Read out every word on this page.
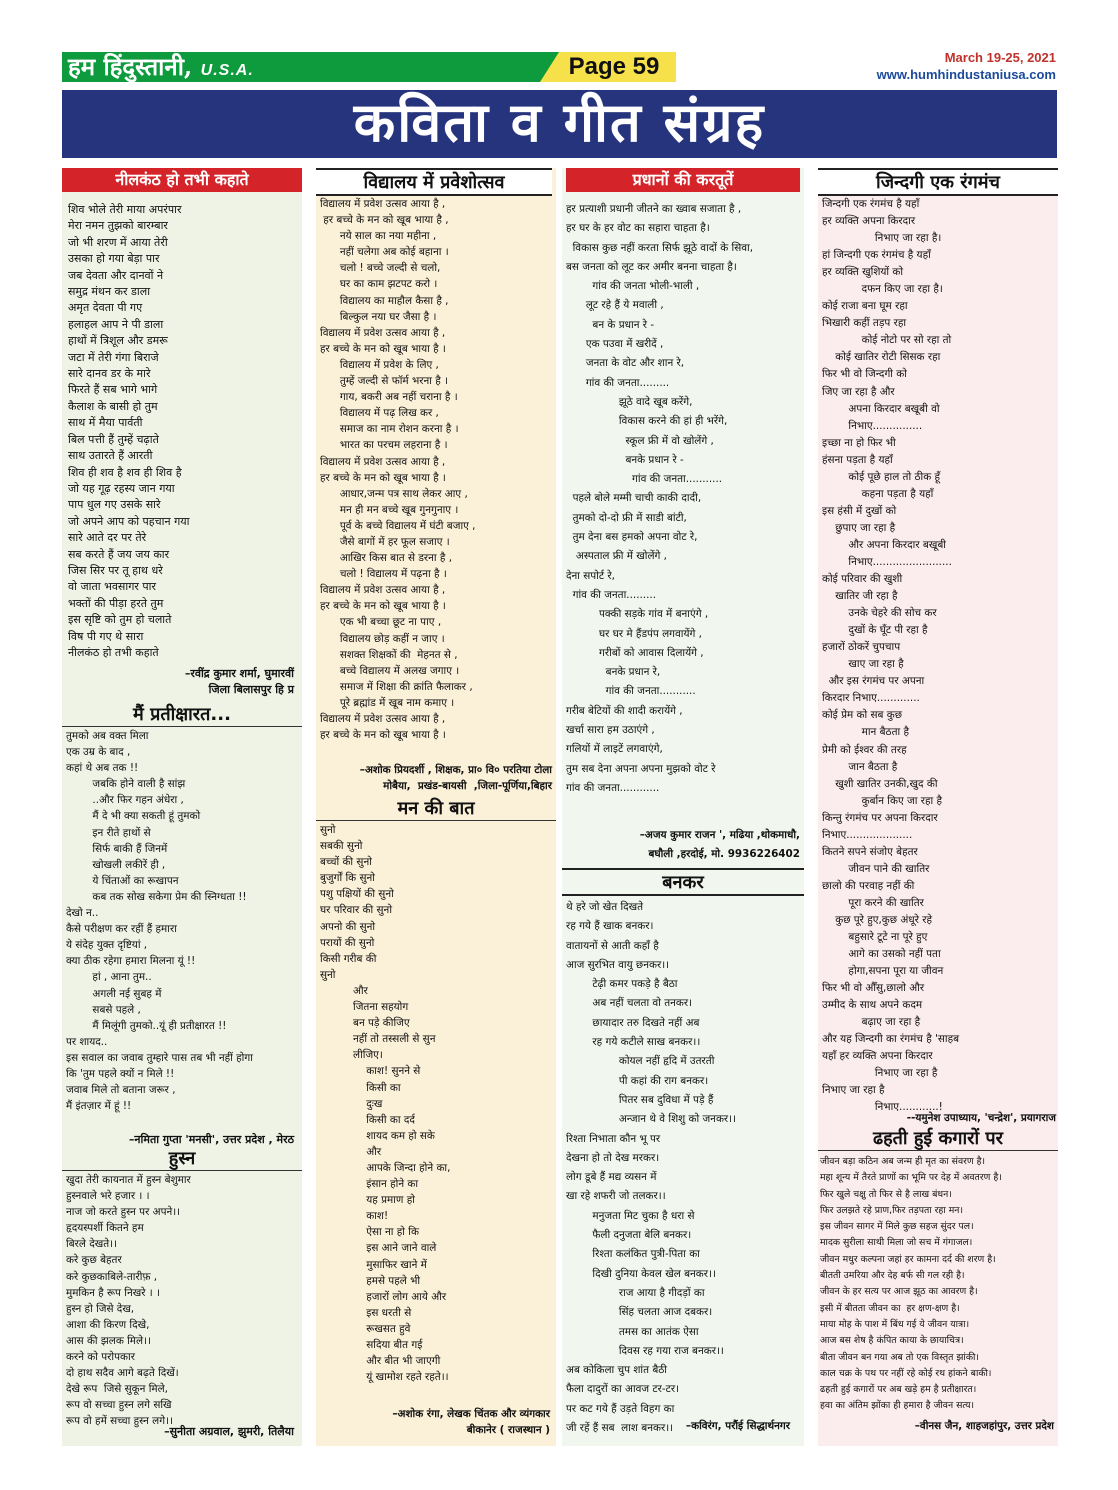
हम हिंदुस्तानी, U.S.A.	Page 59	March 19-25, 2021
www.humhindustaniusa.com
कविता व गीत संग्रह
नीलकंठ हो तभी कहाते
शिव भोले तेरी माया अपरंपार
मेरा नमन तुझको बारम्बार
जो भी शरण में आया तेरी
उसका हो गया बेड़ा पार
जब देवता और दानवों ने
समुद्र मंथन कर डाला
अमृत देवता पी गए
हलाहल आप ने पी डाला
हाथों में त्रिशूल और डमरू
जटा में तेरी गंगा बिराजे
सारे दानव डर के मारे
फिरते हैं सब भागे भागे
कैलाश के बासी हो तुम
साथ में मैया पार्वती
बिल पत्ती हैं तुम्हें चढ़ाते
साथ उतारते हैं आरती
शिव ही शव है शव ही शिव है
जो यह गूढ़ रहस्य जान गया
पाप धुल गए उसके सारे
जो अपने आप को पहचान गया
सारे आते दर पर तेरे
सब करते हैं जय जय कार
जिस सिर पर तू हाथ धरे
वो जाता भवसागर पार
भक्तों की पीड़ा हरते तुम
इस सृष्टि को तुम हो चलाते
विष पी गए थे सारा
नीलकंठ हो तभी कहाते
–रवींद्र कुमार शर्मा, घुमारवीं
जिला बिलासपुर हि प्र
मैं प्रतीक्षारत...
तुमको अब वक्त मिला
एक उम्र के बाद ,
कहां थे अब तक !!
जबकि होने वाली है सांझ
..और फिर गहन अंधेरा ,
मैं दे भी क्या सकती हूं तुमको
इन रीते हाथों से
सिर्फ बाकी हैं जिनमें
खोखली लकीरें ही ,
ये चिंताओं का रूखापन
कब तक सोख सकेगा प्रेम की स्निग्धता !!
देखो न..
कैसे परीक्षण कर रहीं हैं हमारा
ये संदेह युक्त दृष्टियां ,
क्या ठीक रहेगा हमारा मिलना यूं !!
हां , आना तुम..
अगली नई सुबह में
सबसे पहले ,
मैं मिलूंगी तुमको..यूं ही प्रतीक्षारत !!
पर शायद..
इस सवाल का जवाब तुम्हारे पास तब भी नहीं होगा
कि 'तुम पहले क्यों न मिले !!
जवाब मिले तो बताना जरूर ,
मैं इंतज़ार में हूं !!
–नमिता गुप्ता 'मनसी', उत्तर प्रदेश , मेरठ
हुस्न
खुदा तेरी कायनात में हुस्न बेशुमार
हुस्नवाले भरे हजार । ।
नाज जो करते हुस्न पर अपने।।
हृदयस्पर्शी कितने हम
बिरले देखते।।
करे कुछ बेहतर
करे कुछकाबिले-तारीफ़ ,
मुमकिन है रूप निखरे । ।
हुस्न हो जिसे देख,
आशा की किरण दिखे,
आस की झलक मिले।।
करने को परोपकार
दो हाथ सदैव आगे बढ़ते दिखें।
देखे रूप  जिसे सुकून मिले,
रूप वो सच्चा हुस्न लगे सखि
रूप वो हमें सच्चा हुस्न लगे।।
–सुनीता अग्रवाल, झुमरी, तिलैया
विद्यालय में प्रवेशोत्सव
विद्यालय में प्रवेश उत्सव आया है ,
हर बच्चे के मन को खूब भाया है ,
नये साल का नया महीना ,
नहीं चलेगा अब कोई बहाना ।
चलो ! बच्चे जल्दी से चलो,
घर का काम झटपट करो ।
विद्यालय का माहौल कैसा है ,
बिल्कुल नया घर जैसा है ।
विद्यालय में प्रवेश उत्सव आया है ,
हर बच्चे के मन को खूब भाया है ।
विद्यालय में प्रवेश के लिए ,
तुम्हें जल्दी से फॉर्म भरना है ।
गाय, बकरी अब नहीं चराना है ।
विद्यालय में पढ़ लिख कर ,
समाज का नाम रोशन करना है ।
भारत का परचम लहराना है ।
विद्यालय में प्रवेश उत्सव आया है ,
हर बच्चे के मन को खूब भाया है ।
आधार,जन्म पत्र साथ लेकर आए ,
मन ही मन बच्चे खूब गुनगुनाए ।
पूर्व के बच्चे विद्यालय में घंटी बजाए ,
जैसे बागों में हर फूल सजाए ।
आखिर किस बात से डरना है ,
चलो ! विद्यालय में पढ़ना है ।
विद्यालय में प्रवेश उत्सव आया है ,
हर बच्चे के मन को खूब भाया है ।
एक भी बच्चा छूट ना पाए ,
विद्यालय छोड़ कहीं न जाए ।
सशक्त शिक्षकों की  मेहनत से ,
बच्चे विद्यालय में अलख जगाए ।
समाज में शिक्षा की क्रांति फैलाकर ,
पूरे ब्रह्मांड में खूब नाम कमाए ।
विद्यालय में प्रवेश उत्सव आया है ,
हर बच्चे के मन को खूब भाया है ।
–अशोक प्रियदर्शी , शिक्षक, प्रा० वि० परतिया टोला
मोबैया,  प्रखंड-बायसी  ,जिला-पूर्णिया,बिहार
मन की बात
सुनो
सबकी सुनो
बच्चों की सुनो
बुजुर्गों कि सुनो
पशु पक्षियों की सुनो
घर परिवार की सुनो
अपनो की सुनो
परायों की सुनो
किसी गरीब की
सुनो
और
जितना सहयोग
बन पड़े कीजिए
नहीं तो तस्सली से सुन
लीजिए।
काश! सुनने से
किसी का
दुःख
किसी का दर्द
शायद कम हो सके
और
आपके जिन्दा होने का,
इंसान होने का
यह प्रमाण हो
काश!
ऐसा ना हो कि
इस आने जाने वाले
मुसाफिर खाने में
हमसे पहले भी
हजारों लोग आये और
इस धरती से
रूखसत हुवे
सदिया बीत गई
और बीत भी जाएगी
यूं खामोश रहते रहते।।
–अशोक रंगा, लेखक चिंतक और व्यंगकार
बीकानेर ( राजस्थान )
प्रधानों की करतूतें
हर प्रत्याशी प्रधानी जीतने का ख्वाब सजाता है ,
हर घर के हर वोट का सहारा चाहता है।
विकास कुछ नहीं करता सिर्फ झूठे वादों के सिवा,
बस जनता को लूट कर अमीर बनना चाहता है।
गांव की जनता भोली-भाली ,
लूट रहे हैं ये मवाली ,
बन के प्रधान रे -
एक पउवा में खरीदें ,
जनता के वोट और शान रे,
गांव की जनता.........
झूठे वादे खूब करेंगे,
विकास करने की हां ही भरेंगे,
स्कूल फ्री में वो खोलेंगे ,
बनके प्रधान रे -
गांव की जनता...........
पहले बोले मम्मी चाची काकी दादी,
तुमको दो-दो फ्री में साडी बांटी,
तुम देना बस हमको अपना वोट रे,
अस्पताल फ्री में खोलेंगे ,
देना सपोर्ट रे,
गांव की जनता.........
पक्की सड़के गांव में बनाएंगे ,
घर घर मे हैंडपंप लगवायेंगे ,
गरीबों को आवास दिलायेंगे ,
बनके प्रधान रे,
गांव की जनता...........
गरीब बेटियों की शादी करायेंगे ,
खर्चा सारा हम उठाएंगे ,
गलियों में लाइटें लगवाएंगे,
तुम सब देना अपना अपना मुझको वोट रे
गांव की जनता............
–अजय कुमार राजन ', मढिया ,थोकमाधौ,
बघौली ,हरदोई, मो. 9936226402
बनकर
थे हरे जो खेत दिखते
रह गये हैं खाक बनकर।
वातायनों से आती कहाँ है
आज सुरभित वायु छनकर।।
टेढ़ी कमर पकड़े है बैठा
अब नहीं चलता वो तनकर।
छायादार तरु दिखते नहीं अब
रह गये कटीले साख बनकर।।
कोयल नहीं हृदि में उतरती
पी कहां की राग बनकर।
पितर सब दुविधा में पड़े हैं
अन्जान थे वे शिशु को जनकर।।
रिश्ता निभाता कौन भू पर
देखना हो तो देख मरकर।
लोग डूबे हैं मद्य व्यसन में
खा रहे शफरी जो तलकर।।
मनुजता मिट चुका है धरा से
फैली दनुजता बेलि बनकर।
रिश्ता कलंकित पुत्री-पिता का
दिखी दुनिया केवल खेल बनकर।।
राज आया है गीदड़ों का
सिंह चलता आज दबकर।
तमस का आतंक ऐसा
दिवस रह गया राज बनकर।।
अब कोकिला चुप शांत बैठी
फैला दादुरों का आवज टर-टर।
पर कट गये हैं उड़ते विहग का
जी रहें हैं सब  लाश बनकर।।	–कविरंग, परौंई सिद्धार्थनगर
जिन्दगी एक रंगमंच
जिन्दगी एक रंगमंच है यहाँ
हर व्यक्ति अपना किरदार
निभाए जा रहा है।
हां जिन्दगी एक रंगमंच है यहाँ
हर व्यक्ति खुशियों को
दफन किए जा रहा है।
कोई राजा बना घूम रहा
भिखारी कहीं तड़प रहा
कोई नोटो पर सो रहा तो
कोई खातिर रोटी सिसक रहा
फिर भी वो जिन्दगी को
जिए जा रहा है और
अपना किरदार बखूबी वो
निभाए...............
इच्छा ना हो फिर भी
हंसना पड़ता है यहाँ
कोई पूछे हाल तो ठीक हूँ
कहना पड़ता है यहाँ
इस हंसी में दुखों को
छुपाए जा रहा है
और अपना किरदार बखूबी
निभाए........................
कोई परिवार की खुशी
खातिर जी रहा है
उनके चेहरे की सोच कर
दुखों के घूँट पी रहा है
हजारों ठोकरें चुपचाप
खाए जा रहा है
और इस रंगमंच पर अपना
किरदार निभाए.............
कोई प्रेम को सब कुछ
मान बैठता है
प्रेमी को ईश्वर की तरह
जान बैठता है
खुशी खातिर उनकी,खुद की
कुर्बान किए जा रहा है
किन्तु रंगमंच पर अपना किरदार
निभाए....................
कितने सपने संजोए बेहतर
जीवन पाने की खातिर
छालो की परवाह नहीं की
पूरा करने की खातिर
कुछ पूरे हुए,कुछ अंधूरे रहे
बहुसारे टूटे ना पूरे हुए
आगे का उसको नहीं पता
होगा,सपना पूरा या जीवन
फिर भी वो औँसु,छालो और
उम्मीद के साथ अपने कदम
बढ़ाए जा रहा है
और यह जिन्दगी का रंगमंच है 'साहब
यहाँ हर व्यक्ति अपना किरदार
निभाए जा रहा है
निभाए जा रहा है
निभाए............!
--यमुनेश उपाध्याय, 'चन्द्रेश', प्रयागराज
ढहती हुई कगारों पर
जीवन बड़ा कठिन अब जन्म ही मृत का संवरण है।
महा शून्य में तैरते प्राणों का भूमि पर देह में अवतरण है।
फिर खुले चक्षु तो फिर से है लाख बंधन।
फिर उलझते रहे प्राण,फिर तड़पता रहा मन।
इस जीवन सागर में मिले कुछ सहज सुंदर पल।
मादक सुरीला साथी मिला जो सच में गंगाजल।
जीवन मधुर कल्पना जहां हर कामना दर्द की शरण है।
बीतती उमरिया और देह बर्फ सी गल रही है।
जीवन के हर सत्य पर आज झूठ का आवरण है।
इसी में बीतता जीवन का  हर क्षण-क्षण है।
माया मोह के पाश में बिंध गई ये जीवन यात्रा।
आज बस शेष है कंपित काया के छायाचित्र।
बीता जीवन बन गया अब तो एक विस्तृत झांकी।
काल चक्र के पथ पर नहीं रहे कोई रथ हांकने बाकी।
ढहती हुई कगारों पर अब खड़े हम है प्रतीक्षारत।
हवा का अंतिम झोंका ही हमारा है जीवन सत्य।
–वीनस जैन, शाहजहांपुर, उत्तर प्रदेश
